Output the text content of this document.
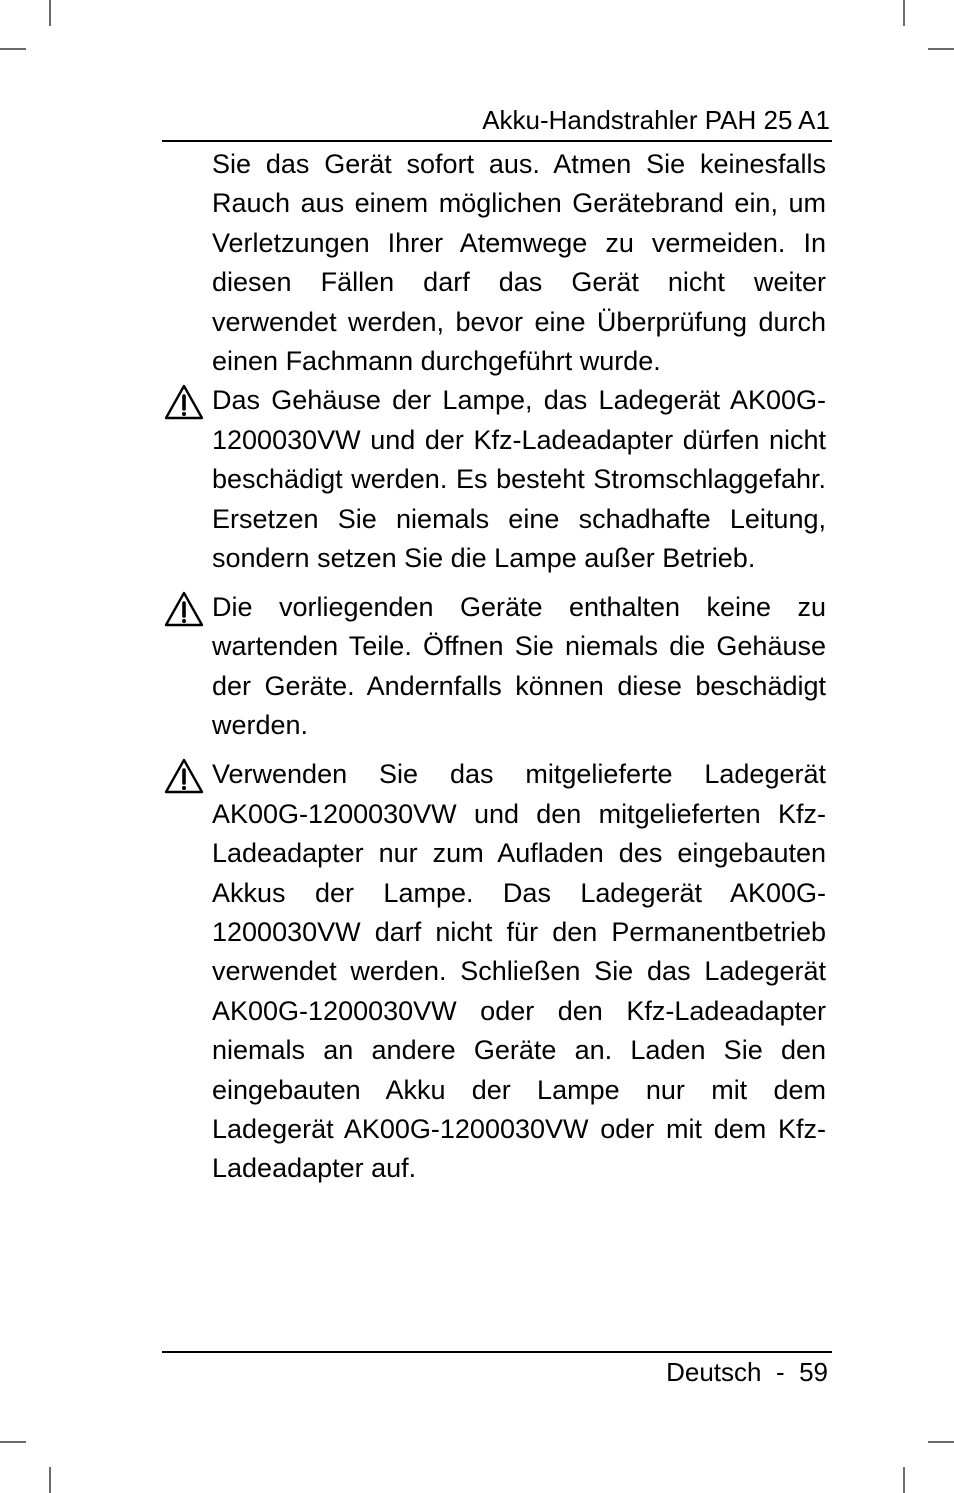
Akku-Handstrahler PAH 25 A1
Sie das Gerät sofort aus. Atmen Sie keinesfalls Rauch aus einem möglichen Gerätebrand ein, um Verletzungen Ihrer Atemwege zu vermeiden. In diesen Fällen darf das Gerät nicht weiter verwendet werden, bevor eine Überprüfung durch einen Fachmann durchgeführt wurde.
Das Gehäuse der Lampe, das Ladegerät AK00G-1200030VW und der Kfz-Ladeadapter dürfen nicht beschädigt werden. Es besteht Stromschlaggefahr. Ersetzen Sie niemals eine schadhafte Leitung, sondern setzen Sie die Lampe außer Betrieb.
Die vorliegenden Geräte enthalten keine zu wartenden Teile. Öffnen Sie niemals die Gehäuse der Geräte. Andernfalls können diese beschädigt werden.
Verwenden Sie das mitgelieferte Ladegerät AK00G-1200030VW und den mitgelieferten Kfz-Ladeadapter nur zum Aufladen des eingebauten Akkus der Lampe. Das Ladegerät AK00G-1200030VW darf nicht für den Permanentbetrieb verwendet werden. Schließen Sie das Ladegerät AK00G-1200030VW oder den Kfz-Ladeadapter niemals an andere Geräte an. Laden Sie den eingebauten Akku der Lampe nur mit dem Ladegerät AK00G-1200030VW oder mit dem Kfz-Ladeadapter auf.
Deutsch - 59
